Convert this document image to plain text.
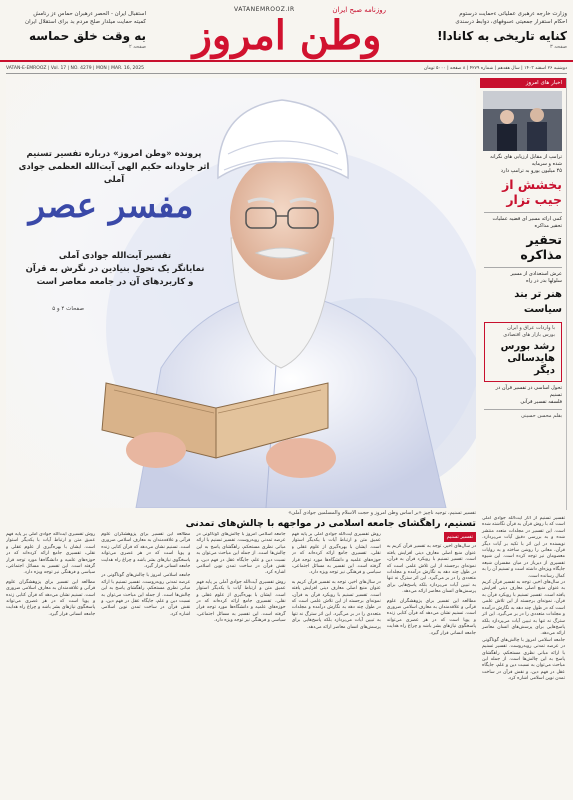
وزارت خارجه ءرهبری عملیاتی ءحمایت درستوم
احکام استقرار جمعیتی ءسوفهای، دوابط درسندی
کنایه تاریخی به کانادا!
صفحه ۳
VATANEMROOZ.IR	روزنامه صبح ایران
وطن امروز
استقبال ایران - الحصر ءرهبران حماس ءز رنامش
کمیته حمایت میلدار صلح مردم بد برای استقلال ایران
به وقت خلق حماسه
صفحه ۲
دوشنبه ۲۶ اسفند ۱۴۰۳ | سال هفدهم | شماره ۴۲۷۹ | ۸ صفحه | ۵۰۰۰ تومان
VATAN-E-EMROOZ | Vol. 17 | NO. 4279 | MON | MAR. 16, 2025
پرونده «وطن امروز» درباره تفسیر تسنیم
اثر جاودانه حکیم الهی آیت‌الله العظمی جوادی آملی
مفسر عصر
تفسیر آیت‌الله جوادی آملی
نمایانگر یک تحول بنیادین در نگرش به قرآن
و کاربردهای آن در جامعه معاصر است
صفحات ۴ و ۵
اخبار های امروز
ترامپ از مقابل ارزیابی های نگرانه شده و سرمایه
۴۵ میلیون یورو به ترامپ دارد
بخشش از جیب تزار
کمی ارائه مسیر ای قضیه عملیات
تحقیر مذاکره
تحقیر مذاکره
عرش استعدادی از مسیر
سلولها بدر در راه
هنر تر بند سیاست
با واردات عراق و ایران
بورس بازار های اقتصادی
رشد بورس هایدسالی دیگر
تحول اساسی در تفسیر قرآن در تسنیم
فلسفه تفسیر قرآنی
بقلم محسن حسینی
تفسیر تسنیم، توجیه ناچیز «بر اساس وطن امروز و حجت الاسلام والمسلمین جوادی آملی»
تسنیم، راهگشای جامعه اسلامی در مواجهه با چالش‌های تمدنی
تفسیر تسنیم

در سال‌های اخیر، توجه به تفسیر قرآن کریم به عنوان منبع اصلی معارف دینی افزایش یافته است. تفسیر تسنیم با رویکرد قرآن به قرآن، نمونه‌ای برجسته از این تلاش علمی است که در طول چند دهه به نگارش درآمده و مجلدات متعددی را در بر می‌گیرد. این اثر سترگ نه تنها به تبیین آیات می‌پردازد بلکه پاسخ‌هایی برای پرسش‌های انسان معاصر ارائه می‌دهد.

مطالعه این تفسیر برای پژوهشگران علوم قرآنی و علاقه‌مندان به معارف اسلامی ضروری است. تسنیم نشان می‌دهد که قرآن کتابی زنده و پویا است که در هر عصری می‌تواند پاسخگوی نیازهای بشر باشد و چراغ راه هدایت جامعه انسانی قرار گیرد.

روش تفسیری آیت‌الله جوادی آملی بر پایه فهم عمیق متن و ارتباط آیات با یکدیگر استوار است. ایشان با بهره‌گیری از علوم عقلی و نقلی، تفسیری جامع ارائه کرده‌اند که در حوزه‌های علمیه و دانشگاه‌ها مورد توجه قرار گرفته است. این تفسیر به مسائل اجتماعی، سیاسی و فرهنگی نیز توجه ویژه دارد.

در سال‌های اخیر، توجه به تفسیر قرآن کریم به عنوان منبع اصلی معارف دینی افزایش یافته است. تفسیر تسنیم با رویکرد قرآن به قرآن، نمونه‌ای برجسته از این تلاش علمی است که در طول چند دهه به نگارش درآمده و مجلدات متعددی را در بر می‌گیرد. این اثر سترگ نه تنها به تبیین آیات می‌پردازد بلکه پاسخ‌هایی برای پرسش‌های انسان معاصر ارائه می‌دهد.

جامعه اسلامی امروز با چالش‌های گوناگونی در عرصه تمدنی روبه‌روست. تفسیر تسنیم با ارائه مبانی نظری مستحکم، راهگشای پاسخ به این چالش‌ها است. از جمله این مباحث می‌توان به نسبت دین و علم، جایگاه عقل در فهم دین، و نقش قرآن در ساخت تمدن نوین اسلامی اشاره کرد.

روش تفسیری آیت‌الله جوادی آملی بر پایه فهم عمیق متن و ارتباط آیات با یکدیگر استوار است. ایشان با بهره‌گیری از علوم عقلی و نقلی، تفسیری جامع ارائه کرده‌اند که در حوزه‌های علمیه و دانشگاه‌ها مورد توجه قرار گرفته است. این تفسیر به مسائل اجتماعی، سیاسی و فرهنگی نیز توجه ویژه دارد.

مطالعه این تفسیر برای پژوهشگران علوم قرآنی و علاقه‌مندان به معارف اسلامی ضروری است. تسنیم نشان می‌دهد که قرآن کتابی زنده و پویا است که در هر عصری می‌تواند پاسخگوی نیازهای بشر باشد و چراغ راه هدایت جامعه انسانی قرار گیرد.

جامعه اسلامی امروز با چالش‌های گوناگونی در عرصه تمدنی روبه‌روست. تفسیر تسنیم با ارائه مبانی نظری مستحکم، راهگشای پاسخ به این چالش‌ها است. از جمله این مباحث می‌توان به نسبت دین و علم، جایگاه عقل در فهم دین، و نقش قرآن در ساخت تمدن نوین اسلامی اشاره کرد.

روش تفسیری آیت‌الله جوادی آملی بر پایه فهم عمیق متن و ارتباط آیات با یکدیگر استوار است. ایشان با بهره‌گیری از علوم عقلی و نقلی، تفسیری جامع ارائه کرده‌اند که در حوزه‌های علمیه و دانشگاه‌ها مورد توجه قرار گرفته است. این تفسیر به مسائل اجتماعی، سیاسی و فرهنگی نیز توجه ویژه دارد.

مطالعه این تفسیر برای پژوهشگران علوم قرآنی و علاقه‌مندان به معارف اسلامی ضروری است. تسنیم نشان می‌دهد که قرآن کتابی زنده و پویا است که در هر عصری می‌تواند پاسخگوی نیازهای بشر باشد و چراغ راه هدایت جامعه انسانی قرار گیرد.

تفسیر تسنیم از آثار آیت‌الله جوادی آملی است که با روش قرآن به قرآن نگاشته شده است. این تفسیر در مجلدات متعدد منتشر شده و به بررسی دقیق آیات می‌پردازد. نویسنده در این اثر با تکیه بر آیات دیگر قرآن، معانی را روشن ساخته و به روایات معصومان نیز توجه کرده است. این شیوه تفسیری از دیرباز در میان مفسران شیعه جایگاه ویژه‌ای داشته است و تسنیم آن را به کمال رسانده است.

در سال‌های اخیر، توجه به تفسیر قرآن کریم به عنوان منبع اصلی معارف دینی افزایش یافته است. تفسیر تسنیم با رویکرد قرآن به قرآن، نمونه‌ای برجسته از این تلاش علمی است که در طول چند دهه به نگارش درآمده و مجلدات متعددی را در بر می‌گیرد. این اثر سترگ نه تنها به تبیین آیات می‌پردازد بلکه پاسخ‌هایی برای پرسش‌های انسان معاصر ارائه می‌دهد.

جامعه اسلامی امروز با چالش‌های گوناگونی در عرصه تمدنی روبه‌روست. تفسیر تسنیم با ارائه مبانی نظری مستحکم، راهگشای پاسخ به این چالش‌ها است. از جمله این مباحث می‌توان به نسبت دین و علم، جایگاه عقل در فهم دین، و نقش قرآن در ساخت تمدن نوین اسلامی اشاره کرد.
